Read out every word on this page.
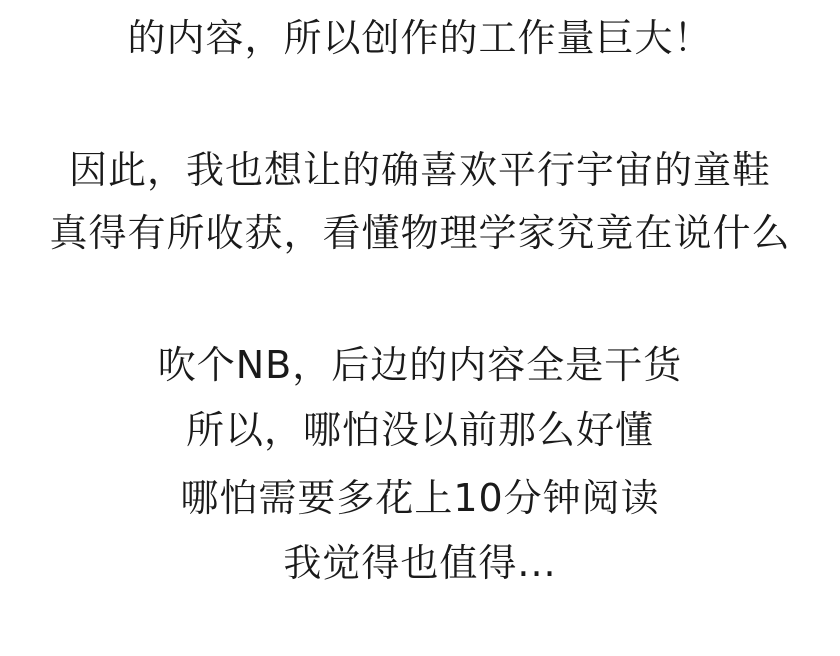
的内容，所以创作的工作量巨大！
因此，我也想让的确喜欢平行宇宙的童鞋
真得有所收获，看懂物理学家究竟在说什么
吹个NB，后边的内容全是干货
所以，哪怕没以前那么好懂
哪怕需要多花上10分钟阅读
我觉得也值得...
